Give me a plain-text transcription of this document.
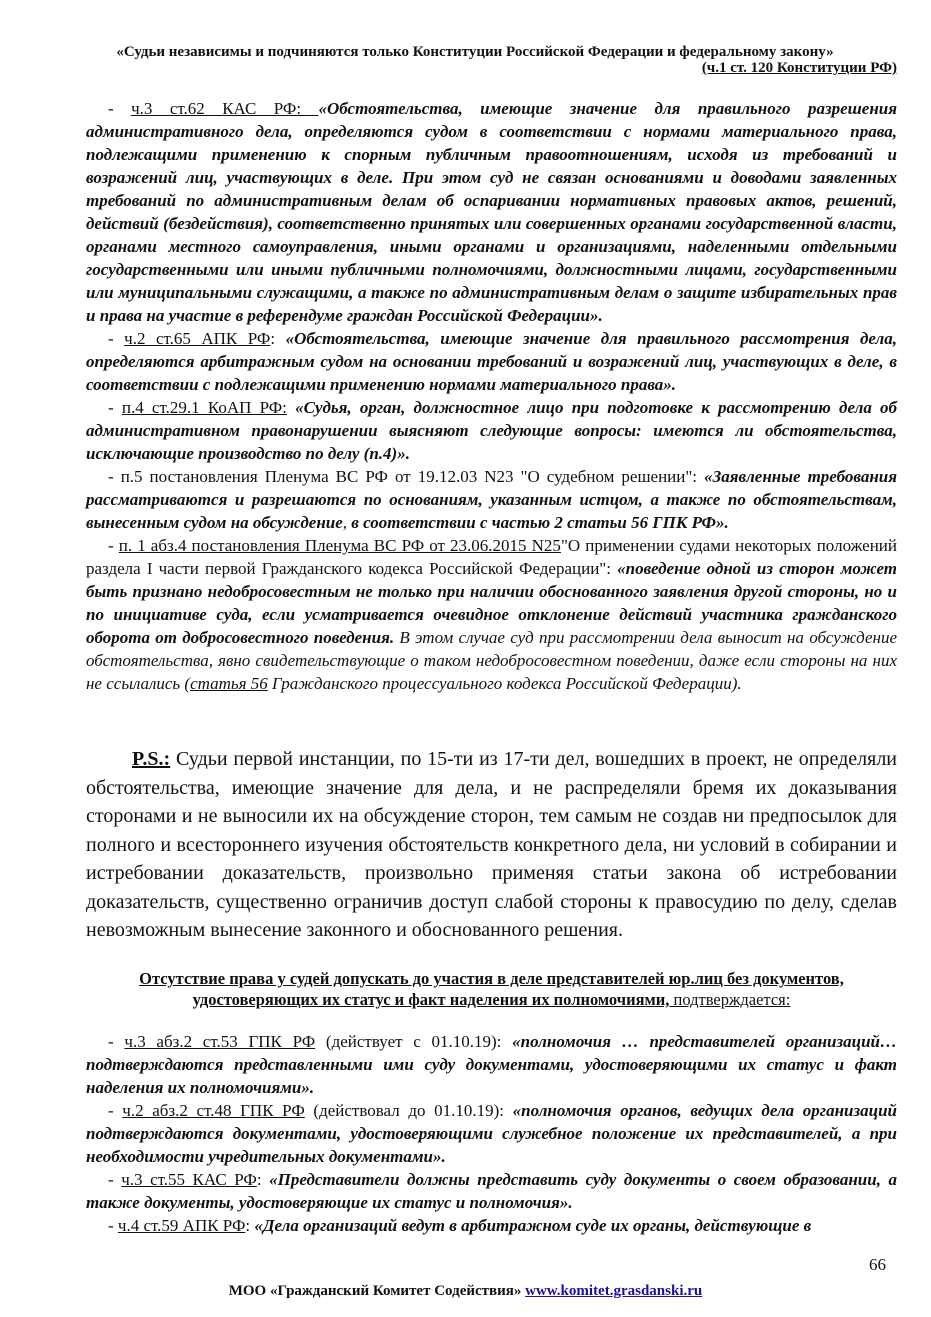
«Судьи независимы и подчиняются только Конституции Российской Федерации и федеральному закону»
(ч.1 ст. 120 Конституции РФ)

- ч.3 ст.62 КАС РФ: «Обстоятельства, имеющие значение для правильного разрешения административного дела, определяются судом в соответствии с нормами материального права, подлежащими применению к спорным публичным правоотношениям, исходя из требований и возражений лиц, участвующих в деле. При этом суд не связан основаниями и доводами заявленных требований по административным делам об оспаривании нормативных правовых актов, решений, действий (бездействия), соответственно принятых или совершенных органами государственной власти, органами местного самоуправления, иными органами и организациями, наделенными отдельными государственными или иными публичными полномочиями, должностными лицами, государственными или муниципальными служащими, а также по административным делам о защите избирательных прав и права на участие в референдуме граждан Российской Федерации».

- ч.2 ст.65 АПК РФ: «Обстоятельства, имеющие значение для правильного рассмотрения дела, определяются арбитражным судом на основании требований и возражений лиц, участвующих в деле, в соответствии с подлежащими применению нормами материального права».

- п.4 ст.29.1 КоАП РФ: «Судья, орган, должностное лицо при подготовке к рассмотрению дела об административном правонарушении выясняют следующие вопросы: имеются ли обстоятельства, исключающие производство по делу (п.4)».

- п.5 постановления Пленума ВС РФ от 19.12.03 N23 "О судебном решении": «Заявленные требования рассматриваются и разрешаются по основаниям, указанным истцом, а также по обстоятельствам, вынесенным судом на обсуждение, в соответствии с частью 2 статьи 56 ГПК РФ».

- п. 1 абз.4 постановления Пленума ВС РФ от 23.06.2015 N25"О применении судами некоторых положений раздела I части первой Гражданского кодекса Российской Федерации": «поведение одной из сторон может быть признано недобросовестным не только при наличии обоснованного заявления другой стороны, но и по инициативе суда, если усматривается очевидное отклонение действий участника гражданского оборота от добросовестного поведения. В этом случае суд при рассмотрении дела выносит на обсуждение обстоятельства, явно свидетельствующие о таком недобросовестном поведении, даже если стороны на них не ссылались (статья 56 Гражданского процессуального кодекса Российской Федерации).

P.S.: Судьи первой инстанции, по 15-ти из 17-ти дел, вошедших в проект, не определяли обстоятельства, имеющие значение для дела, и не распределяли бремя их доказывания сторонами и не выносили их на обсуждение сторон, тем самым не создав ни предпосылок для полного и всестороннего изучения обстоятельств конкретного дела, ни условий в собирании и истребовании доказательств, произвольно применяя статьи закона об истребовании доказательств, существенно ограничив доступ слабой стороны к правосудию по делу, сделав невозможным вынесение законного и обоснованного решения.
Отсутствие права у судей допускать до участия в деле представителей юр.лиц без документов, удостоверяющих их статус и факт наделения их полномочиями, подтверждается:

- ч.3 абз.2 ст.53 ГПК РФ (действует с 01.10.19): «полномочия … представителей организаций… подтверждаются представленными ими суду документами, удостоверяющими их статус и факт наделения их полномочиями».

- ч.2 абз.2 ст.48 ГПК РФ (действовал до 01.10.19): «полномочия органов, ведущих дела организаций подтверждаются документами, удостоверяющими служебное положение их представителей, а при необходимости учредительных документами».

- ч.3 ст.55 КАС РФ: «Представители должны представить суду документы о своем образовании, а также документы, удостоверяющие их статус и полномочия».

- ч.4 ст.59 АПК РФ: «Дела организаций ведут в арбитражном суде их органы, действующие в

66
МОО «Гражданский Комитет Содействия» www.komitet.grasdanski.ru
